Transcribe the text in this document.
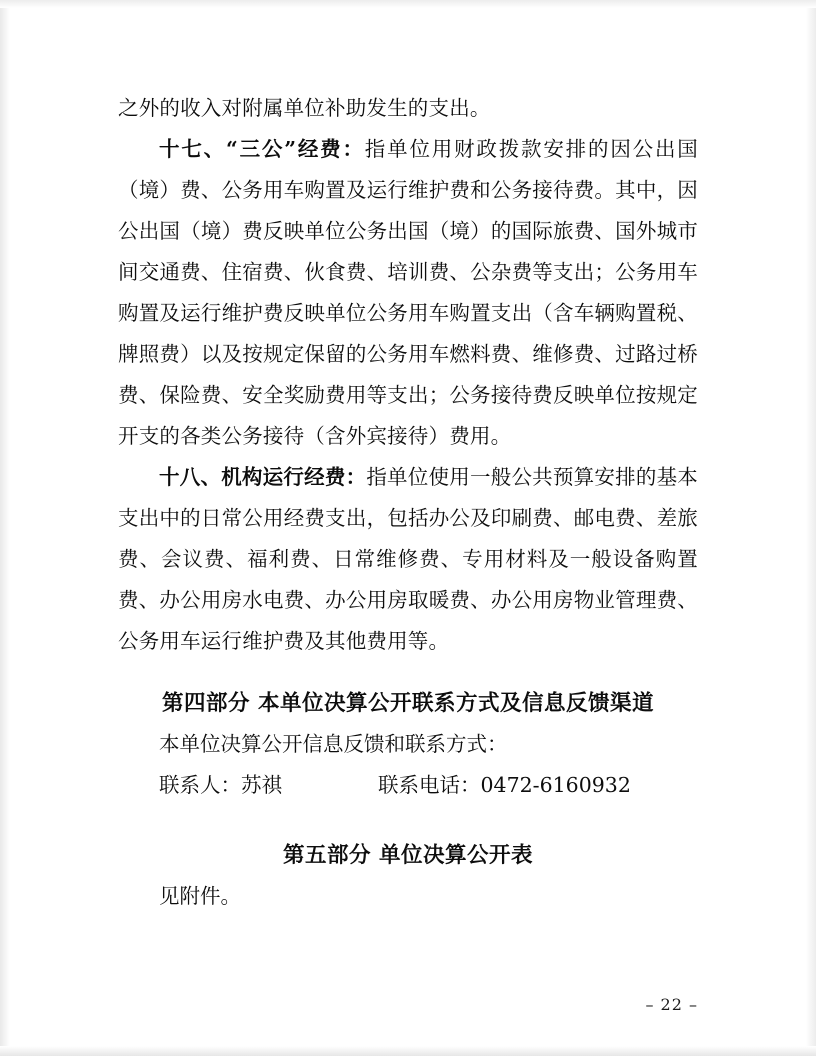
之外的收入对附属单位补助发生的支出。

十七、“三公”经费：指单位用财政拨款安排的因公出国（境）费、公务用车购置及运行维护费和公务接待费。其中，因公出国（境）费反映单位公务出国（境）的国际旅费、国外城市间交通费、住宿费、伙食费、培训费、公杂费等支出；公务用车购置及运行维护费反映单位公务用车购置支出（含车辆购置税、牌照费）以及按规定保留的公务用车燃料费、维修费、过路过桥费、保险费、安全奖励费用等支出；公务接待费反映单位按规定开支的各类公务接待（含外宾接待）费用。

十八、机构运行经费：指单位使用一般公共预算安排的基本支出中的日常公用经费支出，包括办公及印刷费、邮电费、差旅费、会议费、福利费、日常维修费、专用材料及一般设备购置费、办公用房水电费、办公用房取暖费、办公用房物业管理费、公务用车运行维护费及其他费用等。

第四部分 本单位决算公开联系方式及信息反馈渠道

本单位决算公开信息反馈和联系方式：

联系人：苏祺	联系电话：0472-6160932

第五部分 单位决算公开表

见附件。

– 22 –
